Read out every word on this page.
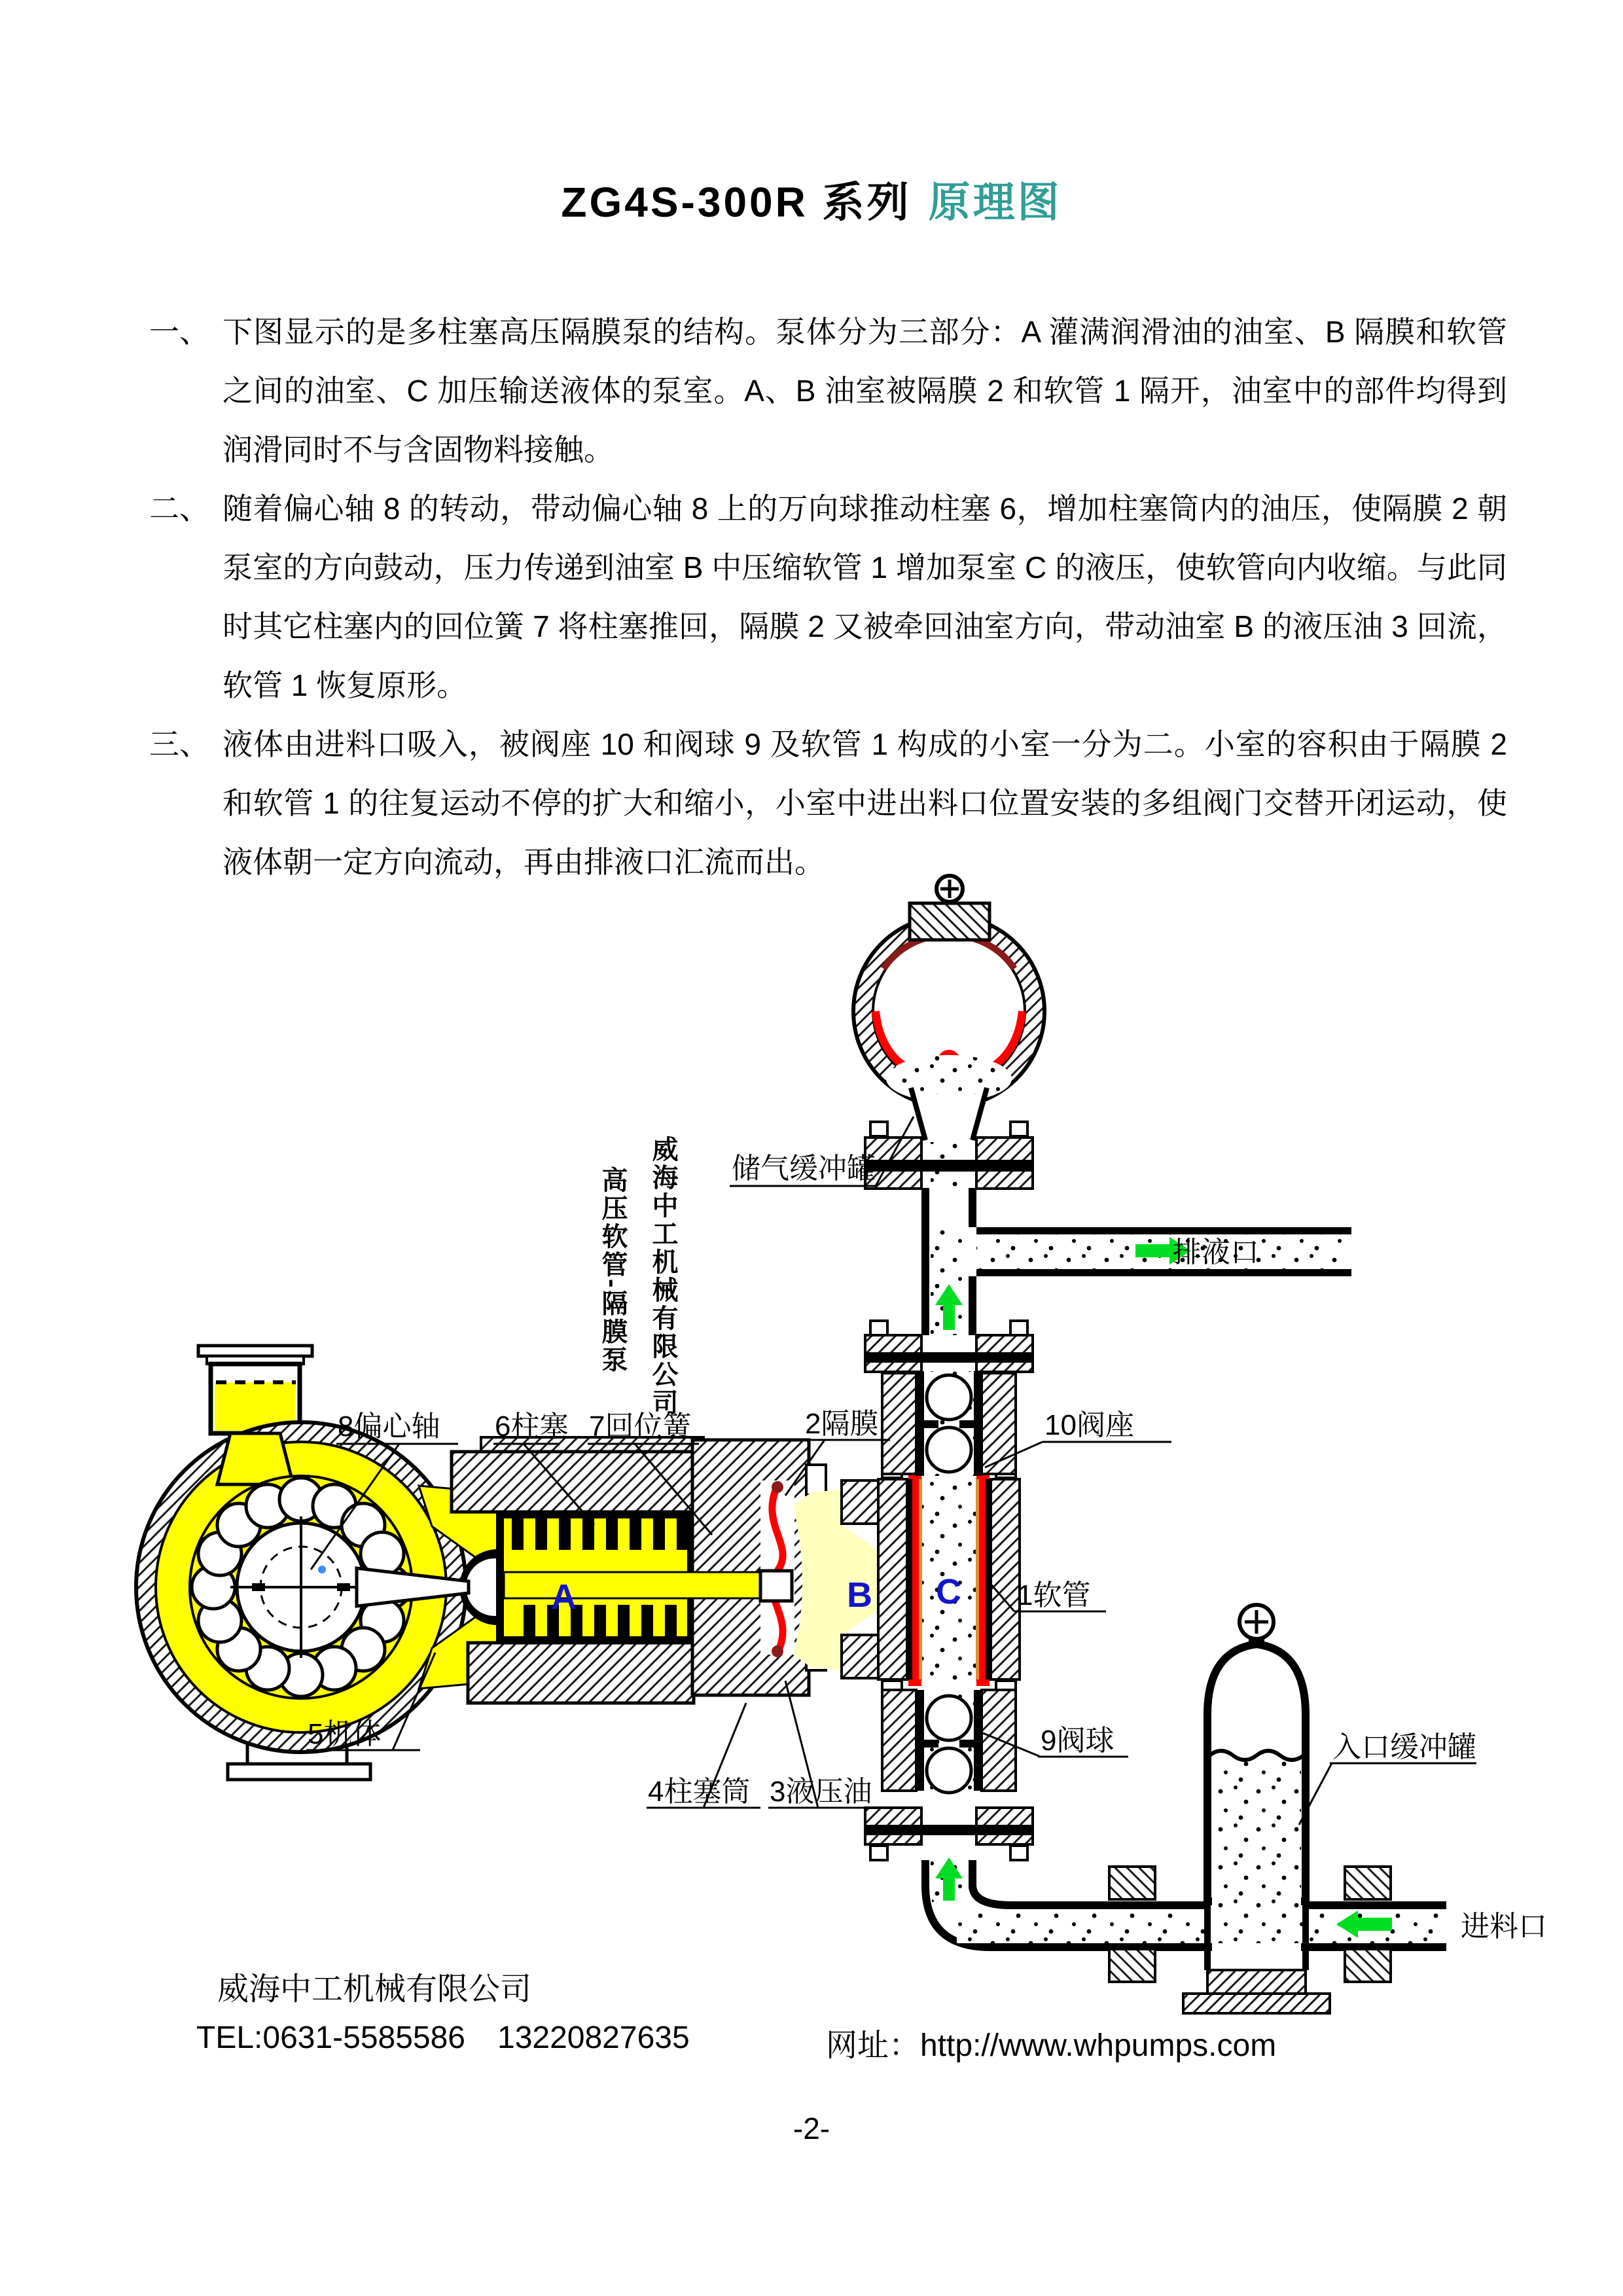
ZG4S-300R 系列 原理图
一、 下图显示的是多柱塞高压隔膜泵的结构。泵体分为三部分：A 灌满润滑油的油室、B 隔膜和软管之间的油室、C 加压输送液体的泵室。A、B 油室被隔膜 2 和软管 1 隔开，油室中的部件均得到润滑同时不与含固物料接触。
二、 随着偏心轴 8 的转动，带动偏心轴 8 上的万向球推动柱塞 6，增加柱塞筒内的油压，使隔膜 2 朝泵室的方向鼓动，压力传递到油室 B 中压缩软管 1 增加泵室 C 的液压，使软管向内收缩。与此同时其它柱塞内的回位簧 7 将柱塞推回，隔膜 2 又被牵回油室方向，带动油室 B 的液压油 3 回流，软管 1 恢复原形。
三、 液体由进料口吸入，被阀座 10 和阀球 9 及软管 1 构成的小室一分为二。小室的容积由于隔膜 2 和软管 1 的往复运动不停的扩大和缩小，小室中进出料口位置安装的多组阀门交替开闭运动，使液体朝一定方向流动，再由排液口汇流而出。
威海中工机械有限公司
高压软管-隔膜泵	储气缓冲罐
排液口
8偏心轴 6柱塞 7回位簧	2隔膜	10阀座
1软管
9阀球
5机体
4柱塞筒 3液压油
入口缓冲罐
进料口
A	B C
威海中工机械有限公司
TEL:0631-5585586 13220827635	网址：http://www.whpumps.com
-2-
